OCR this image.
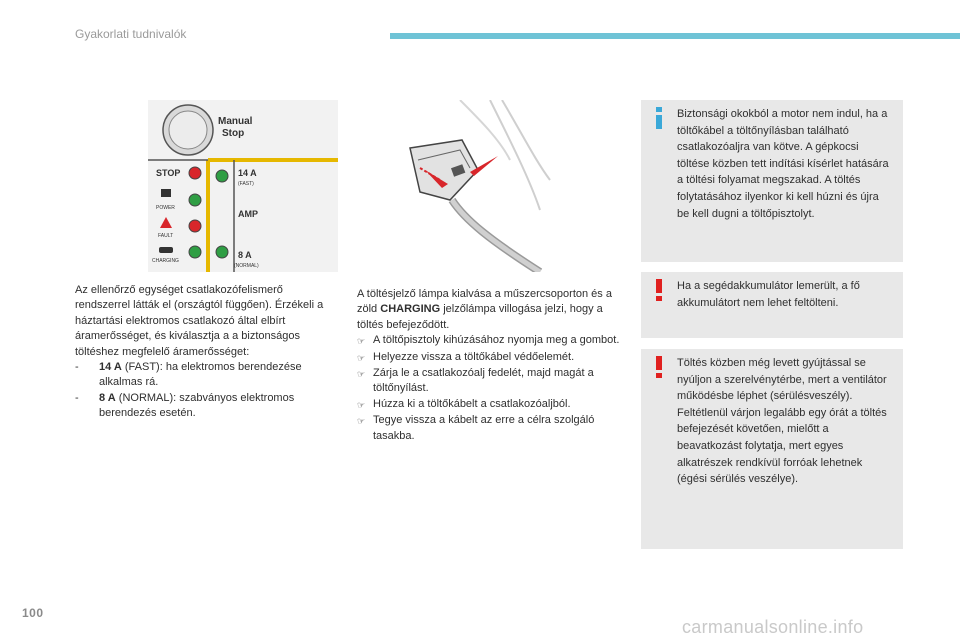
Gyakorlati tudnivalók
Manual
Stop
STOP
POWER
FAULT
CHARGING
14 A
(FAST)
AMP
8 A
(NORMAL)

Az ellenőrző egységet csatlakozófelismerő rendszerrel látták el (országtól függően). Érzékeli a háztartási elektromos csatlakozó által elbírt áramerősséget, és kiválasztja a a biztonságos töltéshez megfelelő áramerősséget:

-	14 A (FAST): ha elektromos berendezése alkalmas rá.
-	8 A (NORMAL): szabványos elektromos berendezés esetén.

A töltésjelző lámpa kialvása a műszercsoporton és a zöld CHARGING jelzőlámpa villogása jelzi, hogy a töltés befejeződött.

☞ A töltőpisztoly kihúzásához nyomja meg a gombot.
☞ Helyezze vissza a töltőkábel védőelemét.
☞ Zárja le a csatlakozóalj fedelét, majd magát a töltőnyílást.
☞ Húzza ki a töltőkábelt a csatlakozóaljból.
☞ Tegye vissza a kábelt az erre a célra szolgáló tasakba.
Biztonsági okokból a motor nem indul, ha a töltőkábel a töltőnyílásban található csatlakozóaljra van kötve. A gépkocsi töltése közben tett indítási kísérlet hatására a töltési folyamat megszakad. A töltés folytatásához ilyenkor ki kell húzni és újra be kell dugni a töltőpisztolyt.
Ha a segédakkumulátor lemerült, a fő akkumulátort nem lehet feltölteni.
Töltés közben még levett gyújtással se nyúljon a szerelvénytérbe, mert a ventilátor működésbe léphet (sérülésveszély). Feltétlenül várjon legalább egy órát a töltés befejezését követően, mielőtt a beavatkozást folytatja, mert egyes alkatrészek rendkívül forróak lehetnek (égési sérülés veszélye).
100
carmanualsonline.info
